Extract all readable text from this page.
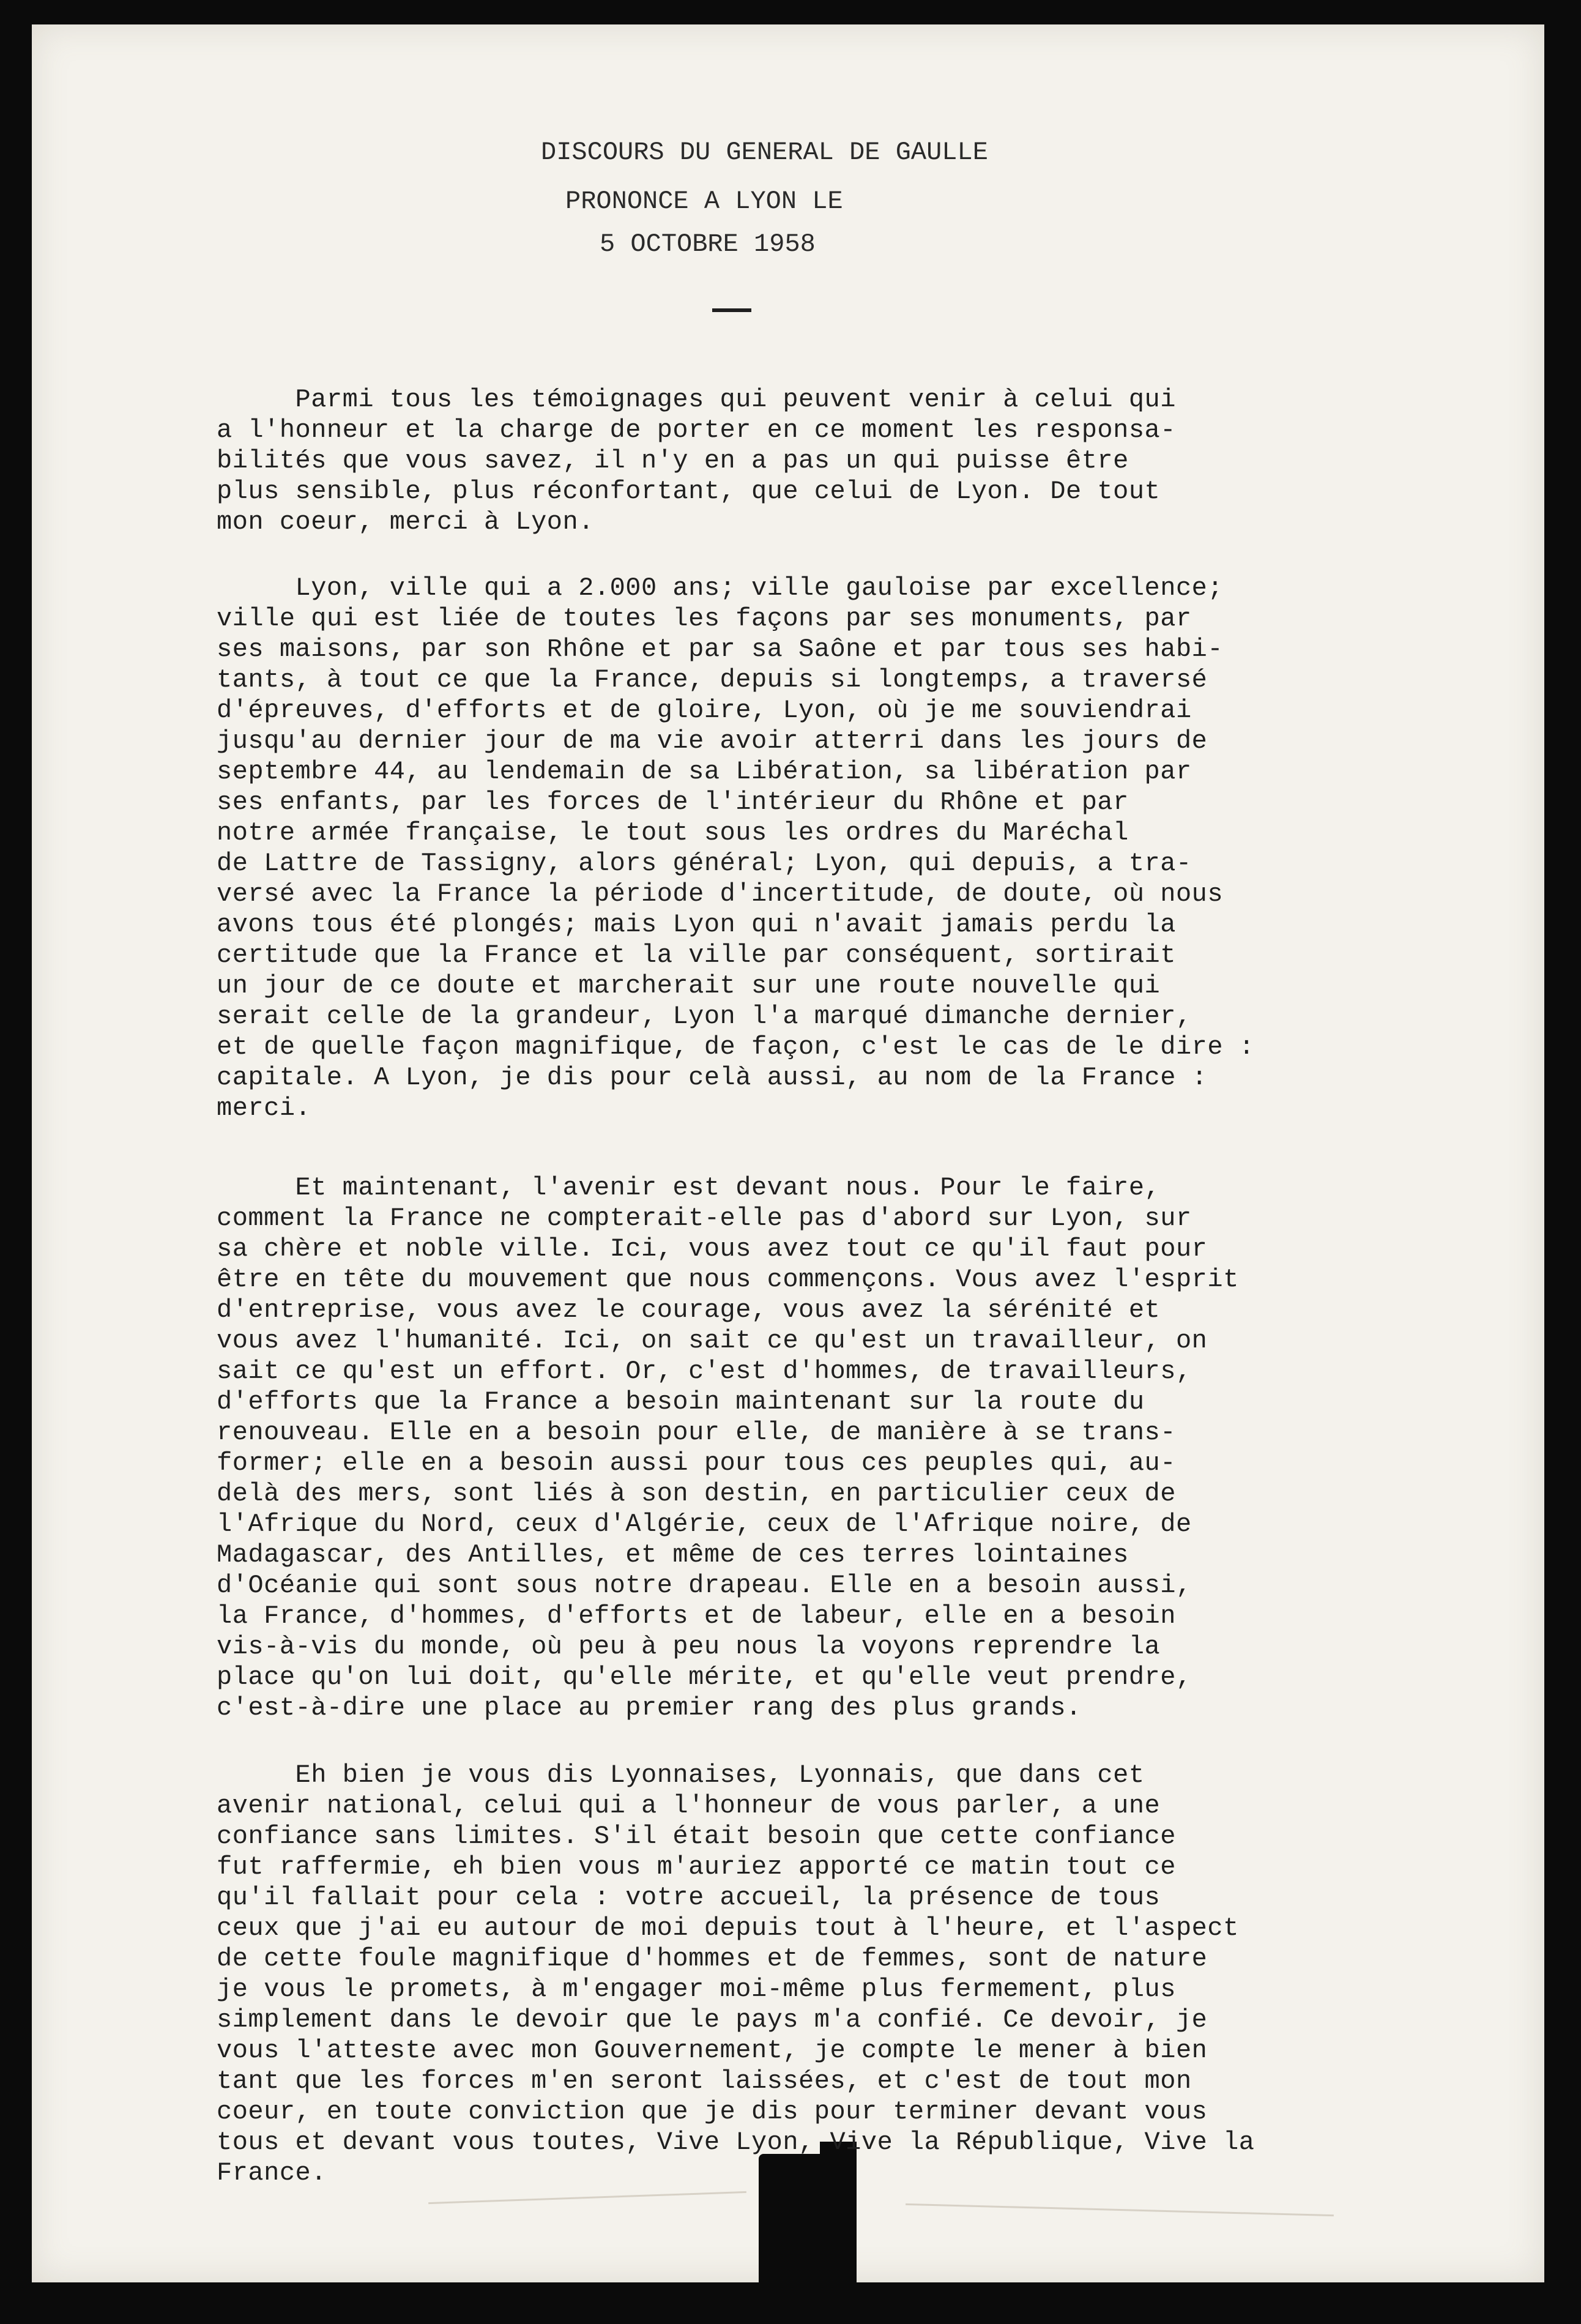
DISCOURS DU GENERAL DE GAULLE
PRONONCE A LYON LE
5 OCTOBRE 1958
Parmi tous les témoignages qui peuvent venir à celui qui
a l'honneur et la charge de porter en ce moment les responsa-
bilités que vous savez, il n'y en a pas un qui puisse être
plus sensible, plus réconfortant, que celui de Lyon. De tout
mon coeur, merci à Lyon.
Lyon, ville qui a 2.000 ans; ville gauloise par excellence;
ville qui est liée de toutes les façons par ses monuments, par
ses maisons, par son Rhône et par sa Saône et par tous ses habi-
tants, à tout ce que la France, depuis si longtemps, a traversé
d'épreuves, d'efforts et de gloire, Lyon, où je me souviendrai
jusqu'au dernier jour de ma vie avoir atterri dans les jours de
septembre 44, au lendemain de sa Libération, sa libération par
ses enfants, par les forces de l'intérieur du Rhône et par
notre armée française, le tout sous les ordres du Maréchal
de Lattre de Tassigny, alors général; Lyon, qui depuis, a tra-
versé avec la France la période d'incertitude, de doute, où nous
avons tous été plongés; mais Lyon qui n'avait jamais perdu la
certitude que la France et la ville par conséquent, sortirait
un jour de ce doute et marcherait sur une route nouvelle qui
serait celle de la grandeur, Lyon l'a marqué dimanche dernier,
et de quelle façon magnifique, de façon, c'est le cas de le dire :
capitale. A Lyon, je dis pour celà aussi, au nom de la France :
merci.
Et maintenant, l'avenir est devant nous. Pour le faire,
comment la France ne compterait-elle pas d'abord sur Lyon, sur
sa chère et noble ville. Ici, vous avez tout ce qu'il faut pour
être en tête du mouvement que nous commençons. Vous avez l'esprit
d'entreprise, vous avez le courage, vous avez la sérénité et
vous avez l'humanité. Ici, on sait ce qu'est un travailleur, on
sait ce qu'est un effort. Or, c'est d'hommes, de travailleurs,
d'efforts que la France a besoin maintenant sur la route du
renouveau. Elle en a besoin pour elle, de manière à se trans-
former; elle en a besoin aussi pour tous ces peuples qui, au-
delà des mers, sont liés à son destin, en particulier ceux de
l'Afrique du Nord, ceux d'Algérie, ceux de l'Afrique noire, de
Madagascar, des Antilles, et même de ces terres lointaines
d'Océanie qui sont sous notre drapeau. Elle en a besoin aussi,
la France, d'hommes, d'efforts et de labeur, elle en a besoin
vis-à-vis du monde, où peu à peu nous la voyons reprendre la
place qu'on lui doit, qu'elle mérite, et qu'elle veut prendre,
c'est-à-dire une place au premier rang des plus grands.
Eh bien je vous dis Lyonnaises, Lyonnais, que dans cet
avenir national, celui qui a l'honneur de vous parler, a une
confiance sans limites. S'il était besoin que cette confiance
fut raffermie, eh bien vous m'auriez apporté ce matin tout ce
qu'il fallait pour cela : votre accueil, la présence de tous
ceux que j'ai eu autour de moi depuis tout à l'heure, et l'aspect
de cette foule magnifique d'hommes et de femmes, sont de nature
je vous le promets, à m'engager moi-même plus fermement, plus
simplement dans le devoir que le pays m'a confié. Ce devoir, je
vous l'atteste avec mon Gouvernement, je compte le mener à bien
tant que les forces m'en seront laissées, et c'est de tout mon
coeur, en toute conviction que je dis pour terminer devant vous
tous et devant vous toutes, Vive Lyon, Vive la République, Vive la
France.
